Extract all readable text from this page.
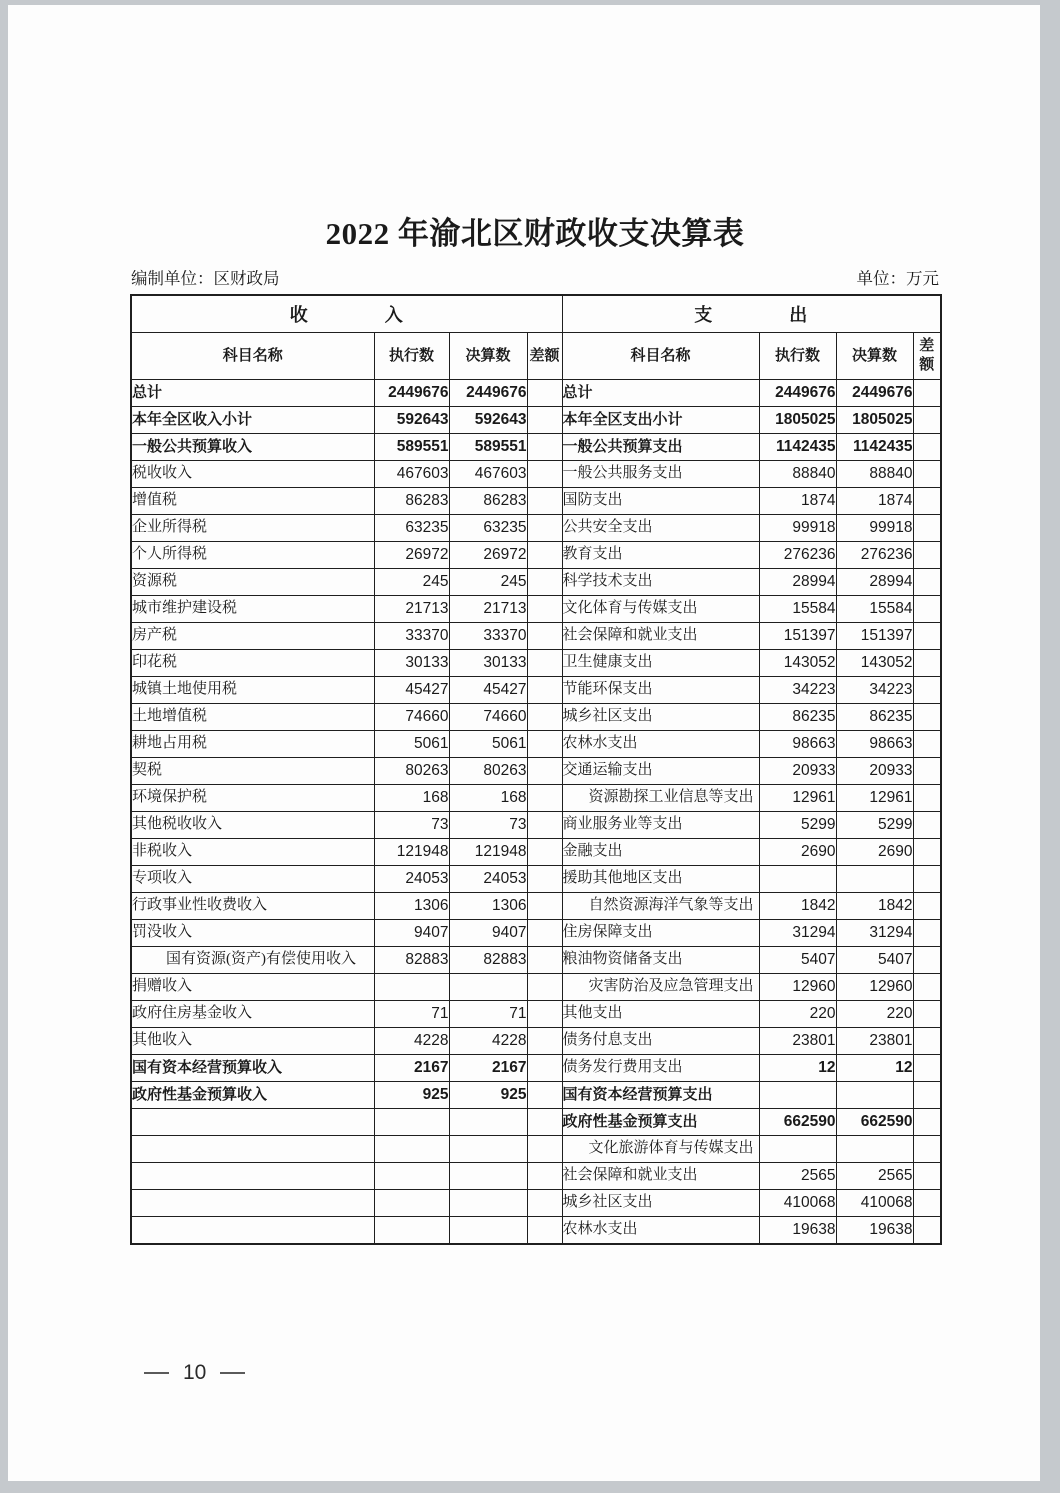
2022 年渝北区财政收支决算表
编制单位：区财政局	单位：万元
收　　　　入				支　　　　出			
科目名称	执行数	决算数	差额	科目名称	执行数	决算数	差额
总计	2449676	2449676		总计	2449676	2449676	
本年全区收入小计	592643	592643		本年全区支出小计	1805025	1805025	
一般公共预算收入	589551	589551		一般公共预算支出	1142435	1142435	
税收收入	467603	467603		一般公共服务支出	88840	88840	
增值税	86283	86283		国防支出	1874	1874	
企业所得税	63235	63235		公共安全支出	99918	99918	
个人所得税	26972	26972		教育支出	276236	276236	
资源税	245	245		科学技术支出	28994	28994	
城市维护建设税	21713	21713		文化体育与传媒支出	15584	15584	
房产税	33370	33370		社会保障和就业支出	151397	151397	
印花税	30133	30133		卫生健康支出	143052	143052	
城镇土地使用税	45427	45427		节能环保支出	34223	34223	
土地增值税	74660	74660		城乡社区支出	86235	86235	
耕地占用税	5061	5061		农林水支出	98663	98663	
契税	80263	80263		交通运输支出	20933	20933	
环境保护税	168	168		资源勘探工业信息等支出	12961	12961	
其他税收收入	73	73		商业服务业等支出	5299	5299	
非税收入	121948	121948		金融支出	2690	2690	
专项收入	24053	24053		援助其他地区支出			
行政事业性收费收入	1306	1306		自然资源海洋气象等支出	1842	1842	
罚没收入	9407	9407		住房保障支出	31294	31294	
国有资源(资产)有偿使用收入	82883	82883		粮油物资储备支出	5407	5407	
捐赠收入				灾害防治及应急管理支出	12960	12960	
政府住房基金收入	71	71		其他支出	220	220	
其他收入	4228	4228		债务付息支出	23801	23801	
国有资本经营预算收入	2167	2167		债务发行费用支出	12	12	
政府性基金预算收入	925	925		国有资本经营预算支出			
				政府性基金预算支出	662590	662590	
				文化旅游体育与传媒支出			
				社会保障和就业支出	2565	2565	
				城乡社区支出	410068	410068	
				农林水支出	19638	19638	
10
